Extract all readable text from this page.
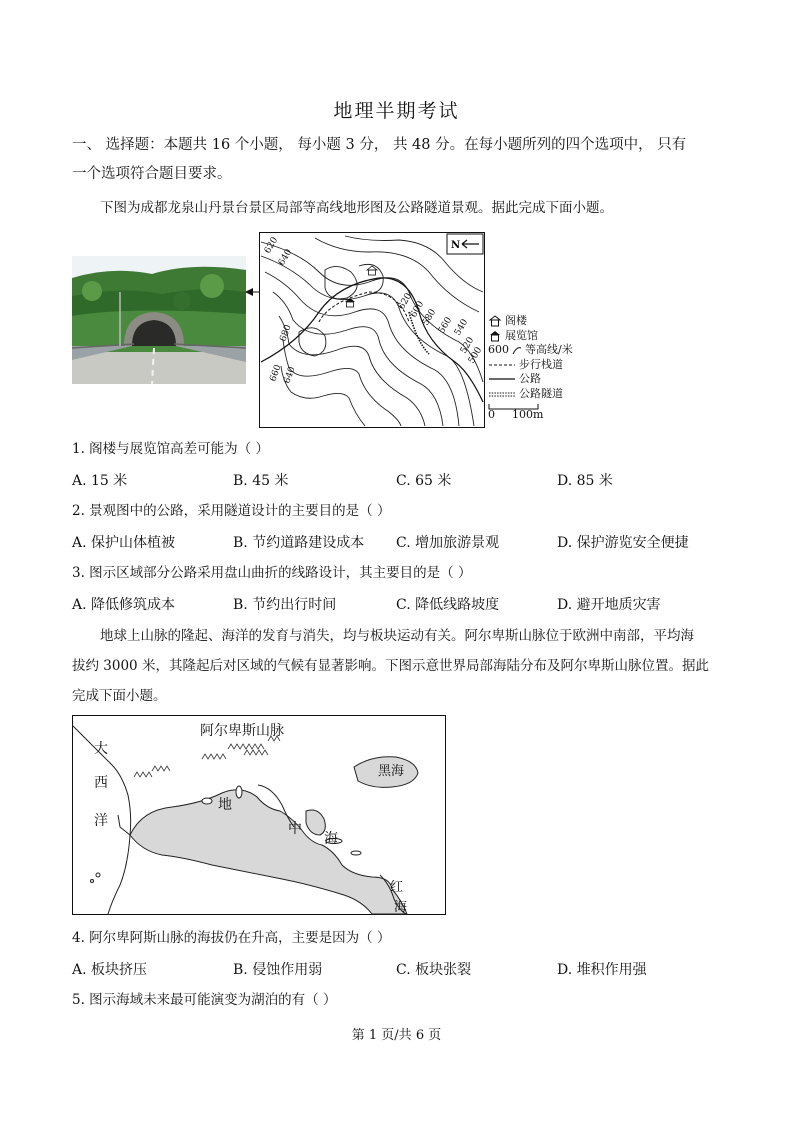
地理半期考试
一、 选择题：本题共 16 个小题， 每小题 3 分， 共 48 分。在每小题所列的四个选项中， 只有
一个选项符合题目要求。
下图为成都龙泉山丹景台景区局部等高线地形图及公路隧道景观。据此完成下面小题。
620
640
680
660
640
620
600
580
560
540
520
500
N
阁楼
展览馆
600 等高线/米
步行栈道
公路
公路隧道
0 100m
1. 阁楼与展览馆高差可能为（ ）
A. 15 米	B. 45 米	C. 65 米	D. 85 米
2. 景观图中的公路，采用隧道设计的主要目的是（ ）
A. 保护山体植被	B. 节约道路建设成本 C. 增加旅游景观	D. 保护游览安全便捷
3. 图示区域部分公路采用盘山曲折的线路设计，其主要目的是（ ）
A. 降低修筑成本	B. 节约出行时间	C. 降低线路坡度	D. 避开地质灾害
地球上山脉的隆起、海洋的发育与消失，均与板块运动有关。阿尔卑斯山脉位于欧洲中南部，平均海
拔约 3000 米，其隆起后对区域的气候有显著影响。下图示意世界局部海陆分布及阿尔卑斯山脉位置。据此
完成下面小题。
阿尔卑斯山脉
大
西
洋
地
中
海
黑海
红
海
4. 阿尔卑阿斯山脉的海拔仍在升高，主要是因为（ ）
A. 板块挤压	B. 侵蚀作用弱	C. 板块张裂	D. 堆积作用强
5. 图示海域未来最可能演变为湖泊的有（ ）
第 1 页/共 6 页
